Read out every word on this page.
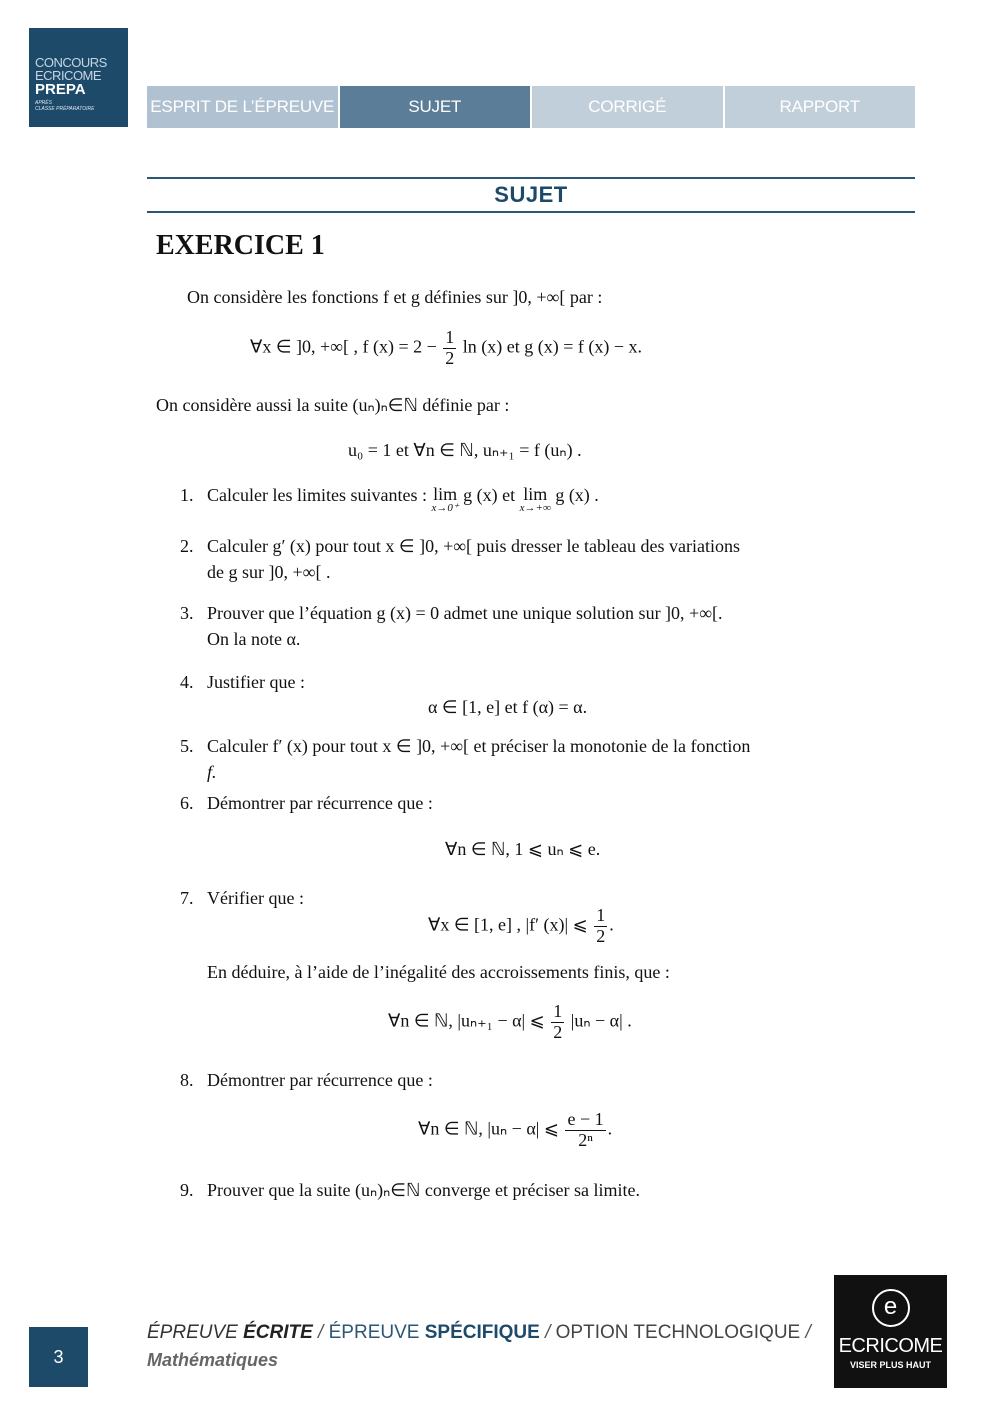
CONCOURS
ECRICOME
PREPA
APRÈS
CLASSE PRÉPARATOIRE	ESPRIT DE L’ÉPREUVE	SUJET	CORRIGÉ	RAPPORT
SUJET
EXERCICE 1
On considère les fonctions f et g définies sur ]0, +∞[ par :
∀x ∈ ]0, +∞[ , f $(x) = 2 - \frac{1}{2}$ ln (x) et g (x) = f (x) − x.
On considère aussi la suite (uₙ)ₙ∈ℕ définie par :
u₀ = 1 et ∀n ∈ ℕ, uₙ₊₁ = f (uₙ) .
1. Calculer les limites suivantes : lim
x→0⁺
g (x) et lim
x→+∞
g (x) .
2. Calculer g′ (x) pour tout x ∈ ]0, +∞[ puis dresser le tableau des variations
de g sur ]0, +∞[ .
3. Prouver que l’équation g (x) = 0 admet une unique solution sur ]0, +∞[.
On la note α.
4. Justifier que :
α ∈ [1, e] et f (α) = α.
5. Calculer f′ (x) pour tout x ∈ ]0, +∞[ et préciser la monotonie de la fonction
f.
6. Démontrer par récurrence que :
∀n ∈ ℕ, 1 ⩽ uₙ ⩽ e.
7. Vérifier que :
∀x ∈ [1, e] , |f′ (x)| ⩽ $\frac{1}{2}$ .
En déduire, à l’aide de l’inégalité des accroissements finis, que :
∀n ∈ ℕ, |uₙ₊₁ − α| ⩽ $\frac{1}{2} |u_n - \alpha|$ .
8. Démontrer par récurrence que :
∀n ∈ ℕ, |uₙ − α| ⩽ $\frac{e - 1}{\text{2ⁿ}}$ .
9. Prouver que la suite (uₙ)ₙ∈ℕ converge et préciser sa limite.
3
ÉPREUVE ÉCRITE / ÉPREUVE SPÉCIFIQUE / OPTION TECHNOLOGIQUE /
Mathématiques
e
ECRICOME
VISER PLUS HAUT
